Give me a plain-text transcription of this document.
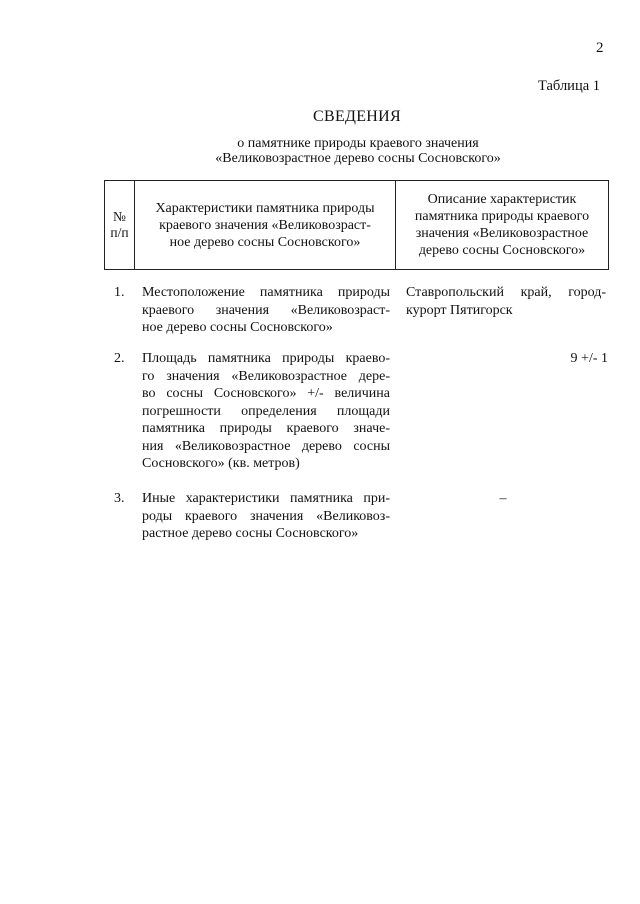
2
Таблица 1
СВЕДЕНИЯ
о памятнике природы краевого значения
«Великовозрастное дерево сосны Сосновского»
№
п/п
Характеристики памятника природы
краевого значения «Великовозраст-
ное дерево сосны Сосновского»
Описание характеристик
памятника природы краевого
значения «Великовозрастное
дерево сосны Сосновского»
1. Местоположение памятника природы
краевого значения «Великовозраст-
ное дерево сосны Сосновского»
Ставропольский край, город-
курорт Пятигорск
2. Площадь памятника природы краево-
го значения «Великовозрастное дере-
во сосны Сосновского» +/- величина
погрешности определения площади
памятника природы краевого значе-
ния «Великовозрастное дерево сосны
Сосновского» (кв. метров)
9 +/- 1
3. Иные характеристики памятника при-
роды краевого значения «Великовоз-
растное дерево сосны Сосновского»
–
